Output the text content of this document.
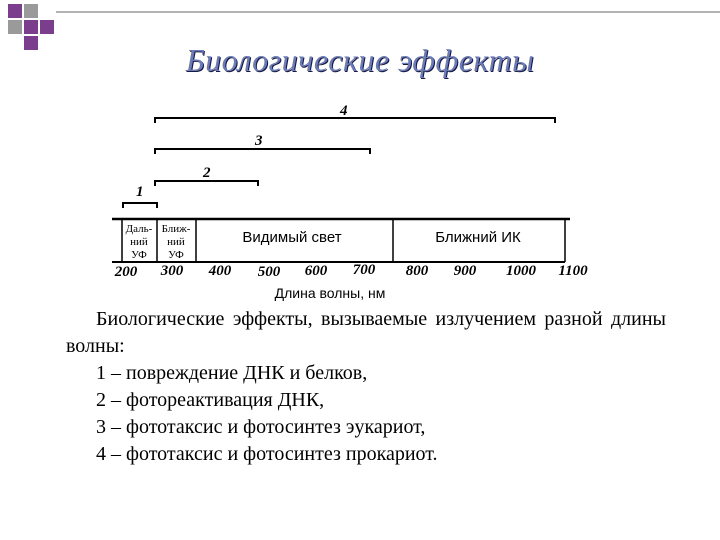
Биологические эффекты
4
3
2
1
Даль-
ний
УФ
Ближ-
ний
УФ
Видимый свет	Ближний ИК
200 300 400 500 600 700 800 900 1000 1100
Длина волны, нм

Биологические эффекты, вызываемые излучением разной длины волны:

1 – повреждение ДНК и белков,

2 – фотореактивация ДНК,

3 – фототаксис и фотосинтез эукариот,

4 – фототаксис и фотосинтез прокариот.
